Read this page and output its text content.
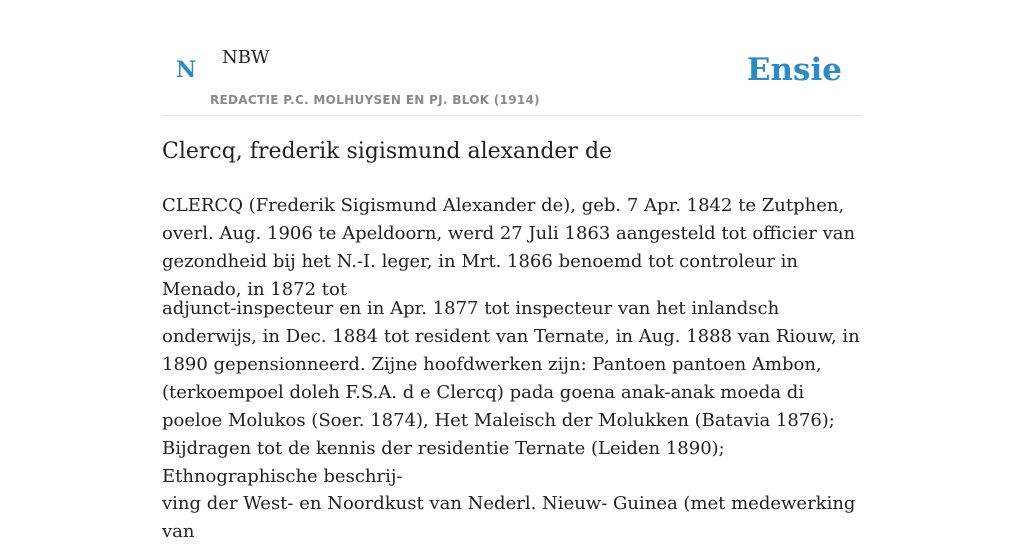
N NBW
REDACTIE P.C. MOLHUYSEN EN PJ. BLOK (1914)
Ensie
Clercq, frederik sigismund alexander de

CLERCQ (Frederik Sigismund Alexander de), geb. 7 Apr. 1842 te Zutphen, overl. Aug. 1906 te Apeldoorn, werd 27 Juli 1863 aangesteld tot officier van gezondheid bij het N.-I. leger, in Mrt. 1866 benoemd tot controleur in Menado, in 1872 tot

adjunct-inspecteur en in Apr. 1877 tot inspecteur van het inlandsch onderwijs, in Dec. 1884 tot resident van Ternate, in Aug. 1888 van Riouw, in 1890 gepensionneerd. Zijne hoofdwerken zijn: Pantoen pantoen Ambon, (terkoempoel doleh F.S.A. d e Clercq) pada goena anak-anak moeda di poeloe Molukos (Soer. 1874), Het Maleisch der Molukken (Batavia 1876); Bijdragen tot de kennis der residentie Ternate (Leiden 1890); Ethnographische beschrij-

ving der West- en Noordkust van Nederl. Nieuw- Guinea (met medewerking van
